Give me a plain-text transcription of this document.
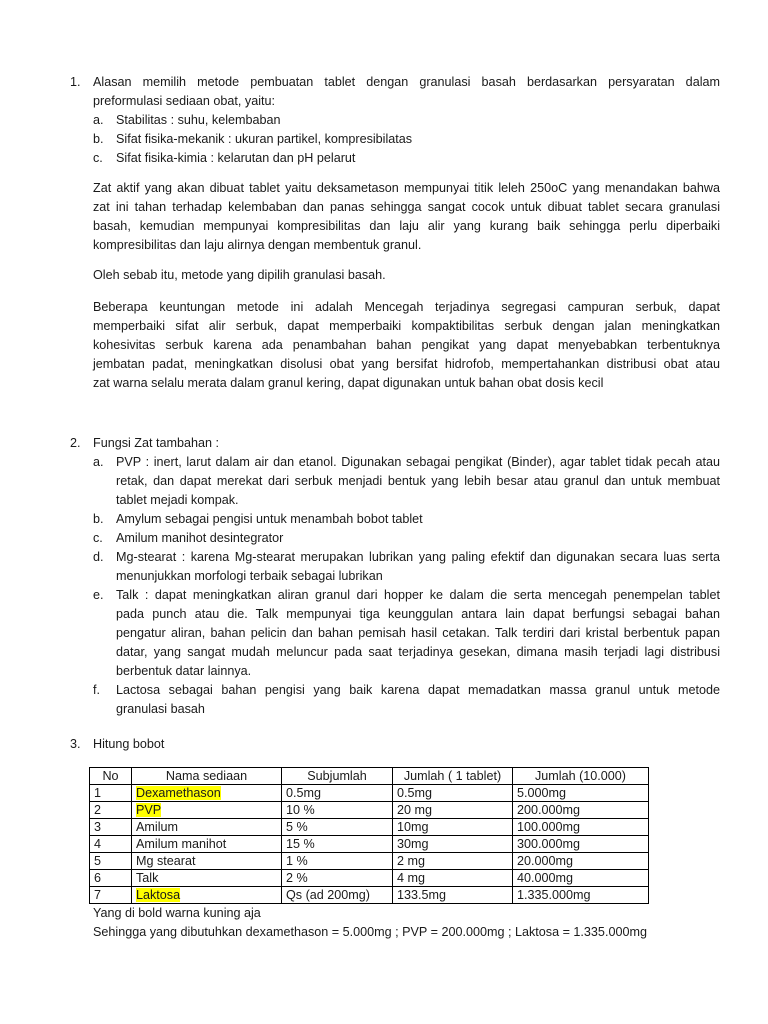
1. Alasan memilih metode pembuatan tablet dengan granulasi basah berdasarkan persyaratan dalam
preformulasi sediaan obat, yaitu:
a. Stabilitas : suhu, kelembaban
b. Sifat fisika-mekanik : ukuran partikel, kompresibilatas
c. Sifat fisika-kimia : kelarutan dan pH pelarut
Zat aktif yang akan dibuat tablet yaitu deksametason mempunyai titik leleh 250oC yang menandakan bahwa
zat ini tahan terhadap kelembaban dan panas sehingga sangat cocok untuk dibuat tablet secara granulasi
basah, kemudian mempunyai kompresibilitas dan laju alir yang kurang baik sehingga perlu diperbaiki
kompresibilitas dan laju alirnya dengan membentuk granul.
Oleh sebab itu, metode yang dipilih granulasi basah.
Beberapa keuntungan metode ini adalah Mencegah terjadinya segregasi campuran serbuk, dapat
memperbaiki sifat alir serbuk, dapat memperbaiki kompaktibilitas serbuk dengan jalan meningkatkan
kohesivitas serbuk karena ada penambahan bahan pengikat yang dapat menyebabkan terbentuknya
jembatan padat, meningkatkan disolusi obat yang bersifat hidrofob, mempertahankan distribusi obat atau
zat warna selalu merata dalam granul kering, dapat digunakan untuk bahan obat dosis kecil
2. Fungsi Zat tambahan :
a. PVP : inert, larut dalam air dan etanol. Digunakan sebagai pengikat (Binder), agar tablet tidak pecah atau
retak, dan dapat merekat dari serbuk menjadi bentuk yang lebih besar atau granul dan untuk membuat
tablet mejadi kompak.
b. Amylum sebagai pengisi untuk menambah bobot tablet
c. Amilum manihot desintegrator
d. Mg-stearat : karena Mg-stearat merupakan lubrikan yang paling efektif dan digunakan secara luas serta
menunjukkan morfologi terbaik sebagai lubrikan
e. Talk : dapat meningkatkan aliran granul dari hopper ke dalam die serta mencegah penempelan tablet
pada punch atau die. Talk mempunyai tiga keunggulan antara lain dapat berfungsi sebagai bahan
pengatur aliran, bahan pelicin dan bahan pemisah hasil cetakan. Talk terdiri dari kristal berbentuk papan
datar, yang sangat mudah meluncur pada saat terjadinya gesekan, dimana masih terjadi lagi distribusi
berbentuk datar lainnya.
f. Lactosa sebagai bahan pengisi yang baik karena dapat memadatkan massa granul untuk metode
granulasi basah
3. Hitung bobot
No	Nama sediaan	Subjumlah	Jumlah ( 1 tablet)	Jumlah (10.000)
1	Dexamethason	0.5mg	0.5mg	5.000mg
2	PVP	10 %	20 mg	200.000mg
3	Amilum	5 %	10mg	100.000mg
4	Amilum manihot	15 %	30mg	300.000mg
5	Mg stearat	1 %	2 mg	20.000mg
6	Talk	2 %	4 mg	40.000mg
7	Laktosa	Qs (ad 200mg)	133.5mg	1.335.000mg
Yang di bold warna kuning aja
Sehingga yang dibutuhkan dexamethason = 5.000mg ; PVP = 200.000mg ; Laktosa = 1.335.000mg
